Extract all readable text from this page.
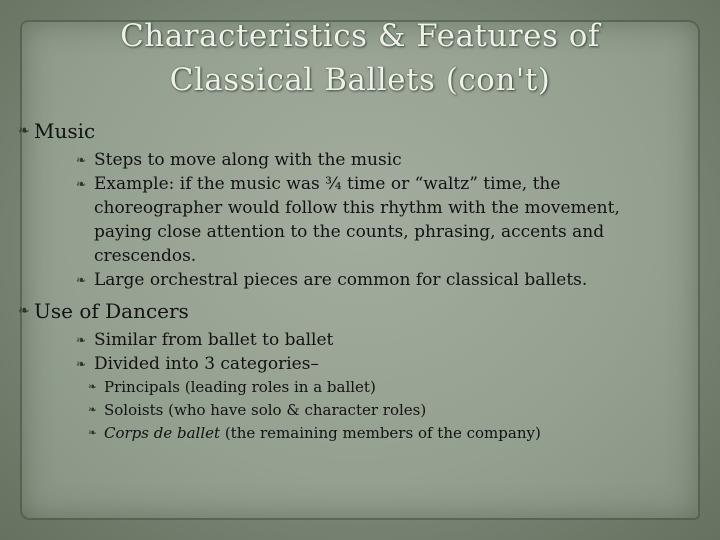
Characteristics & Features of
Classical Ballets (con't)
❧ Music
❧ Steps to move along with the music
❧ Example: if the music was ¾ time or “waltz” time, the choreographer would follow this rhythm with the movement, paying close attention to the counts, phrasing, accents and crescendos.
❧ Large orchestral pieces are common for classical ballets.
❧ Use of Dancers
❧ Similar from ballet to ballet
❧ Divided into 3 categories–
❧ Principals (leading roles in a ballet)
❧ Soloists (who have solo & character roles)
❧ Corps de ballet (the remaining members of the company)
